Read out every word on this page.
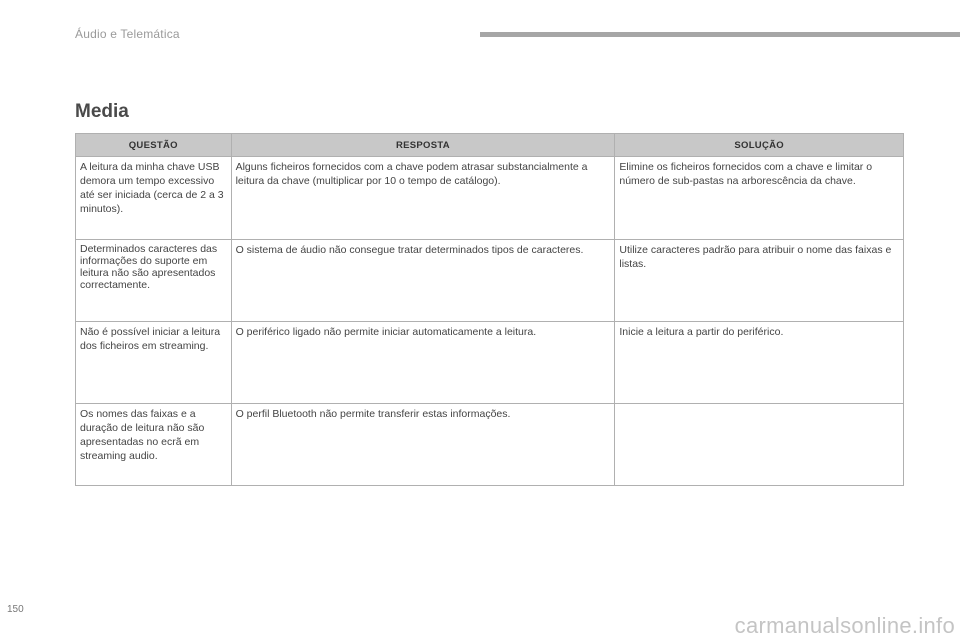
Áudio e Telemática
Media
QUESTÃO	RESPOSTA	SOLUÇÃO
A leitura da minha chave USB demora um tempo excessivo até ser iniciada (cerca de 2 a 3 minutos).	Alguns ficheiros fornecidos com a chave podem atrasar substancialmente a leitura da chave (multiplicar por 10 o tempo de catálogo).	Elimine os ficheiros fornecidos com a chave e limitar o número de sub-pastas na arborescência da chave.
Determinados caracteres das informações do suporte em leitura não são apresentados correctamente.	O sistema de áudio não consegue tratar determinados tipos de caracteres.	Utilize caracteres padrão para atribuir o nome das faixas e listas.
Não é possível iniciar a leitura dos ficheiros em streaming.	O periférico ligado não permite iniciar automaticamente a leitura.	Inicie a leitura a partir do periférico.
Os nomes das faixas e a duração de leitura não são apresentadas no ecrã em streaming audio.	O perfil Bluetooth não permite transferir estas informações.	
150
carmanualsonline.info
